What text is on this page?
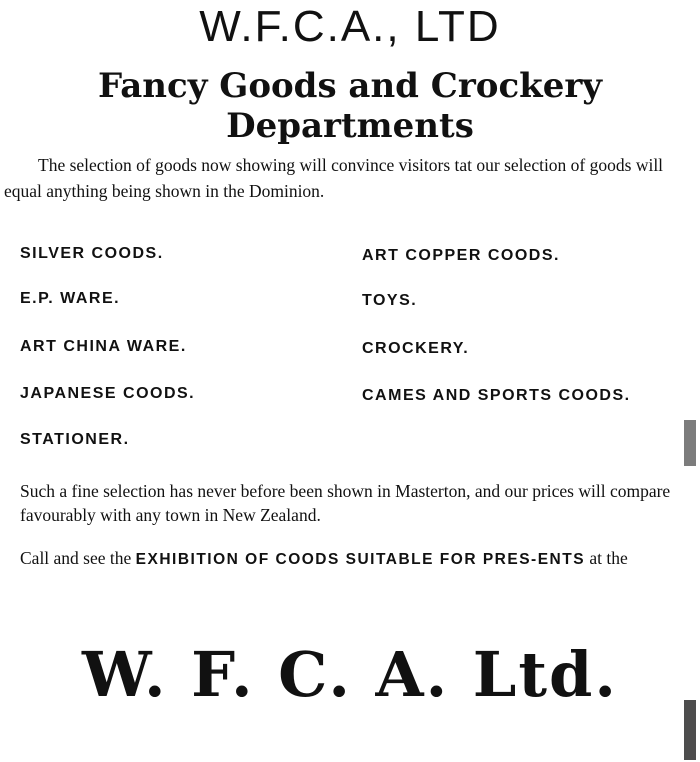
W.F.C.A., LTD
Fancy Goods and Crockery Departments
The selection of goods now showing will convince visitors tat our selection of goods will equal anything being shown in the Dominion.
SILVER COODS.
E.P. WARE.
ART CHINA WARE.
JAPANESE COODS.
STATIONER.
ART COPPER COODS.
TOYS.
CROCKERY.
CAMES AND SPORTS COODS.
Such a fine selection has never before been shown in Masterton, and our prices will compare favourably with any town in New Zealand.
Call and see the EXHIBITION OF COODS SUITABLE FOR PRES-ENTS at the
W. F. C. A. Ltd.
